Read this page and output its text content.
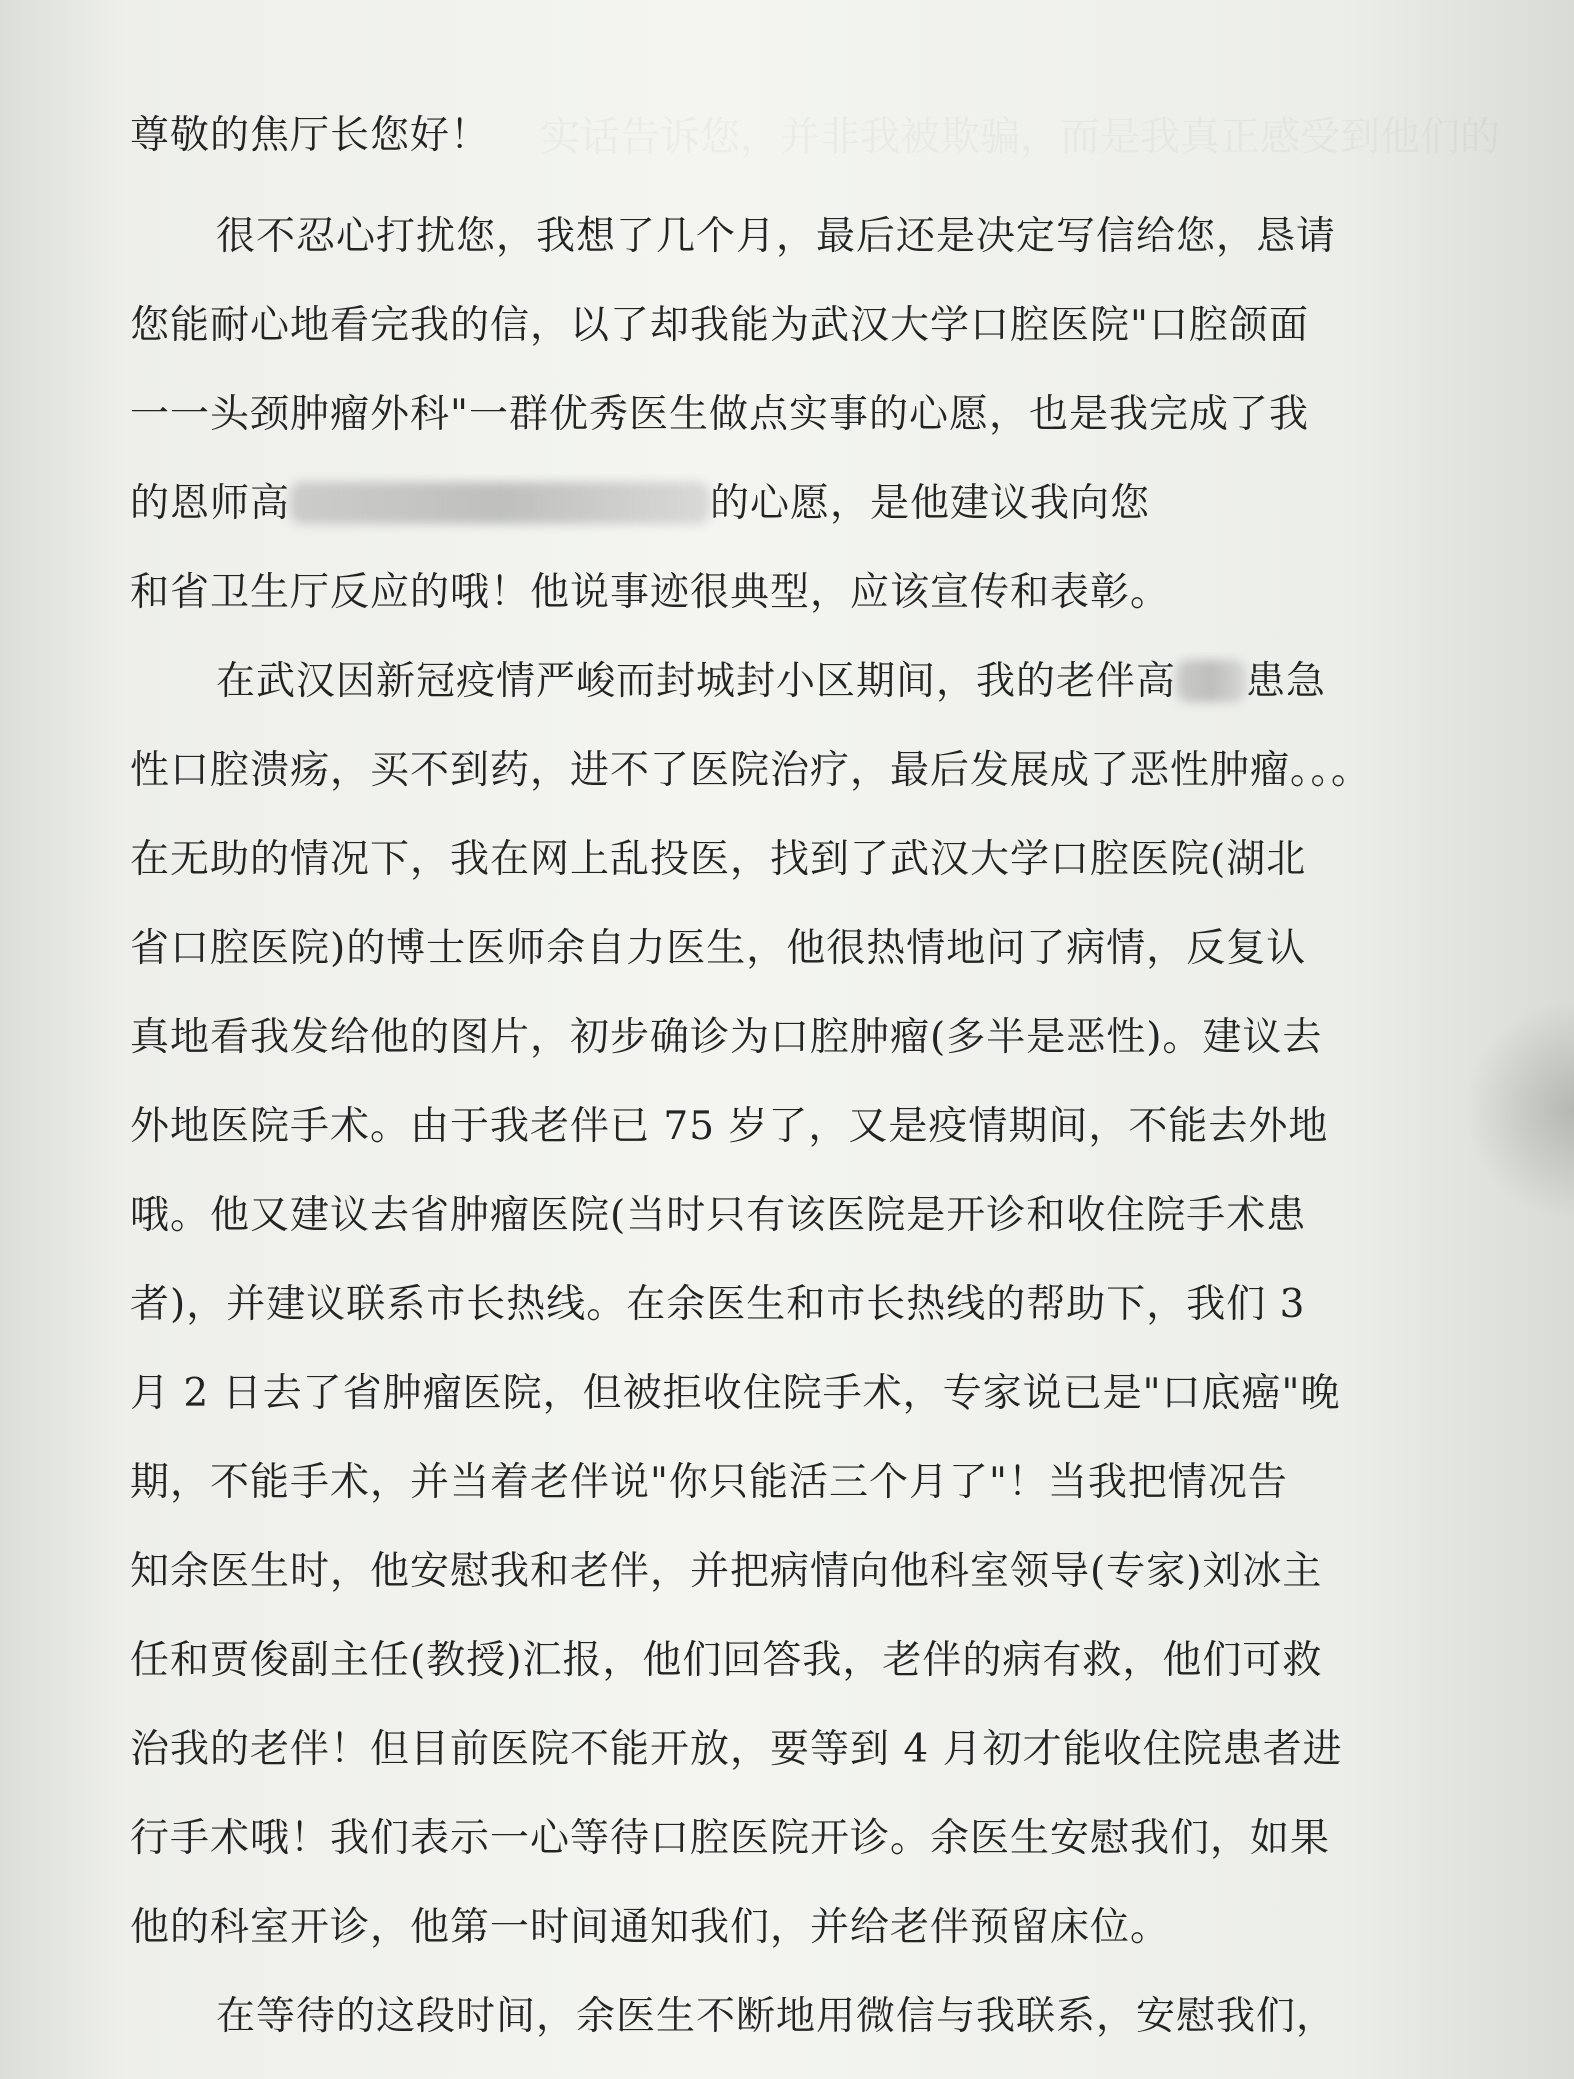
实话告诉您，并非我被欺骗，而是我真正感受到他们的
尊敬的焦厅长您好！
很不忍心打扰您，我想了几个月，最后还是决定写信给您，恳请
您能耐心地看完我的信，以了却我能为武汉大学口腔医院"口腔颌面
一一头颈肿瘤外科"一群优秀医生做点实事的心愿，也是我完成了我
的恩师高	的心愿，是他建议我向您
和省卫生厅反应的哦！他说事迹很典型，应该宣传和表彰。
在武汉因新冠疫情严峻而封城封小区期间，我的老伴高 患急
性口腔溃疡，买不到药，进不了医院治疗，最后发展成了恶性肿瘤。。。
在无助的情况下，我在网上乱投医，找到了武汉大学口腔医院(湖北
省口腔医院)的博士医师余自力医生，他很热情地问了病情，反复认
真地看我发给他的图片，初步确诊为口腔肿瘤(多半是恶性)。建议去
外地医院手术。由于我老伴已 75 岁了，又是疫情期间，不能去外地
哦。他又建议去省肿瘤医院(当时只有该医院是开诊和收住院手术患
者)，并建议联系市长热线。在余医生和市长热线的帮助下，我们 3
月 2 日去了省肿瘤医院，但被拒收住院手术，专家说已是"口底癌"晚
期，不能手术，并当着老伴说"你只能活三个月了"！当我把情况告
知余医生时，他安慰我和老伴，并把病情向他科室领导(专家)刘冰主
任和贾俊副主任(教授)汇报，他们回答我，老伴的病有救，他们可救
治我的老伴！但目前医院不能开放，要等到 4 月初才能收住院患者进
行手术哦！我们表示一心等待口腔医院开诊。余医生安慰我们，如果
他的科室开诊，他第一时间通知我们，并给老伴预留床位。
在等待的这段时间，余医生不断地用微信与我联系，安慰我们，
